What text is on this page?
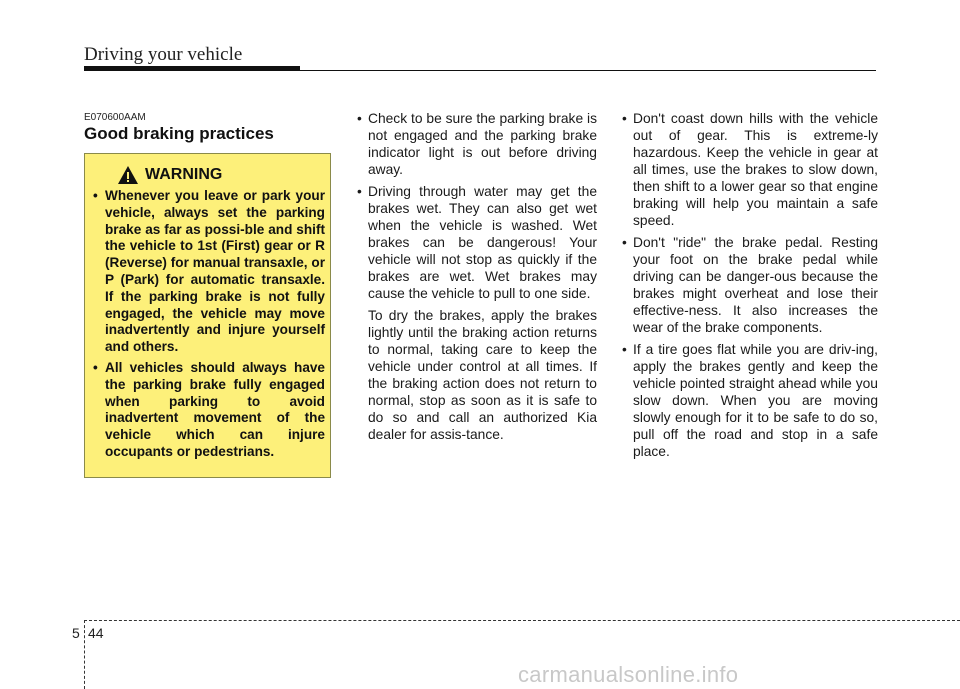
Driving your vehicle
E070600AAM
Good braking practices
WARNING
• Whenever you leave or park your vehicle, always set the parking brake as far as possi-ble and shift the vehicle to 1st (First) gear or R (Reverse) for manual transaxle, or P (Park) for automatic transaxle. If the parking brake is not fully engaged, the vehicle may move inadvertently and injure yourself and others.
• All vehicles should always have the parking brake fully engaged when parking to avoid inadvertent movement of the vehicle which can injure occupants or pedestrians.
• Check to be sure the parking brake is not engaged and the parking brake indicator light is out before driving away.
• Driving through water may get the brakes wet. They can also get wet when the vehicle is washed. Wet brakes can be dangerous! Your vehicle will not stop as quickly if the brakes are wet. Wet brakes may cause the vehicle to pull to one side.
To dry the brakes, apply the brakes lightly until the braking action returns to normal, taking care to keep the vehicle under control at all times. If the braking action does not return to normal, stop as soon as it is safe to do so and call an authorized Kia dealer for assis-tance.
• Don't coast down hills with the vehicle out of gear. This is extreme-ly hazardous. Keep the vehicle in gear at all times, use the brakes to slow down, then shift to a lower gear so that engine braking will help you maintain a safe speed.
• Don't "ride" the brake pedal. Resting your foot on the brake pedal while driving can be danger-ous because the brakes might overheat and lose their effective-ness. It also increases the wear of the brake components.
• If a tire goes flat while you are driv-ing, apply the brakes gently and keep the vehicle pointed straight ahead while you slow down. When you are moving slowly enough for it to be safe to do so, pull off the road and stop in a safe place.
5 44
carmanualsonline.info
